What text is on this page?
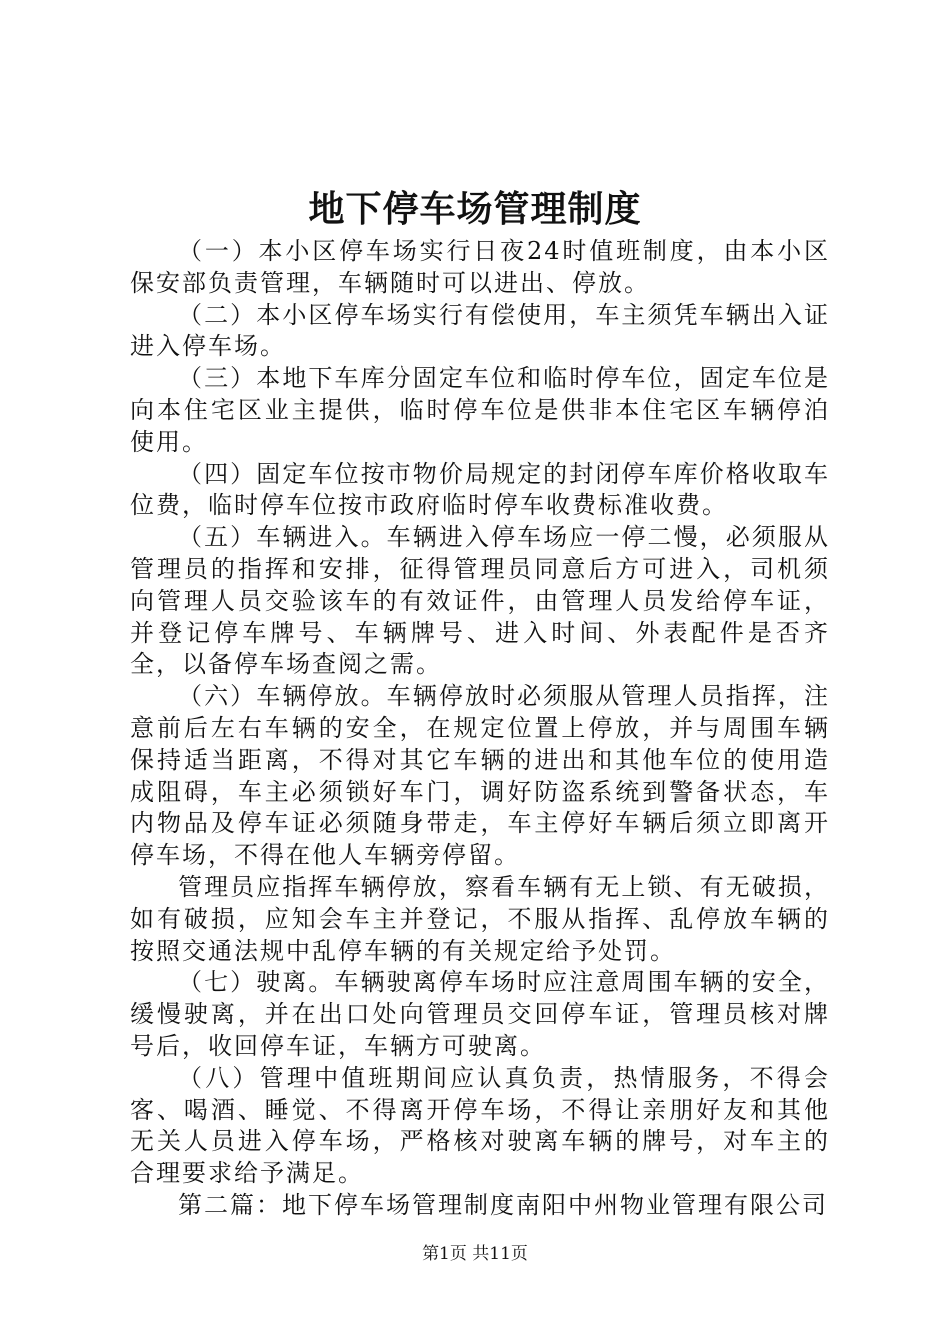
地下停车场管理制度

（一）本小区停车场实行日夜24时值班制度，由本小区保安部负责管理，车辆随时可以进出、停放。

（二）本小区停车场实行有偿使用，车主须凭车辆出入证进入停车场。

（三）本地下车库分固定车位和临时停车位，固定车位是向本住宅区业主提供，临时停车位是供非本住宅区车辆停泊使用。

（四）固定车位按市物价局规定的封闭停车库价格收取车位费，临时停车位按市政府临时停车收费标准收费。

（五）车辆进入。车辆进入停车场应一停二慢，必须服从管理员的指挥和安排，征得管理员同意后方可进入，司机须向管理人员交验该车的有效证件，由管理人员发给停车证，并登记停车牌号、车辆牌号、进入时间、外表配件是否齐全，以备停车场查阅之需。

（六）车辆停放。车辆停放时必须服从管理人员指挥，注意前后左右车辆的安全，在规定位置上停放，并与周围车辆保持适当距离，不得对其它车辆的进出和其他车位的使用造成阻碍，车主必须锁好车门，调好防盗系统到警备状态，车内物品及停车证必须随身带走，车主停好车辆后须立即离开停车场，不得在他人车辆旁停留。

管理员应指挥车辆停放，察看车辆有无上锁、有无破损，如有破损，应知会车主并登记，不服从指挥、乱停放车辆的按照交通法规中乱停车辆的有关规定给予处罚。

（七）驶离。车辆驶离停车场时应注意周围车辆的安全，缓慢驶离，并在出口处向管理员交回停车证，管理员核对牌号后，收回停车证，车辆方可驶离。

（八）管理中值班期间应认真负责，热情服务，不得会客、喝酒、睡觉、不得离开停车场，不得让亲朋好友和其他无关人员进入停车场，严格核对驶离车辆的牌号，对车主的合理要求给予满足。

第二篇：地下停车场管理制度南阳中州物业管理有限公司

第1页 共11页
